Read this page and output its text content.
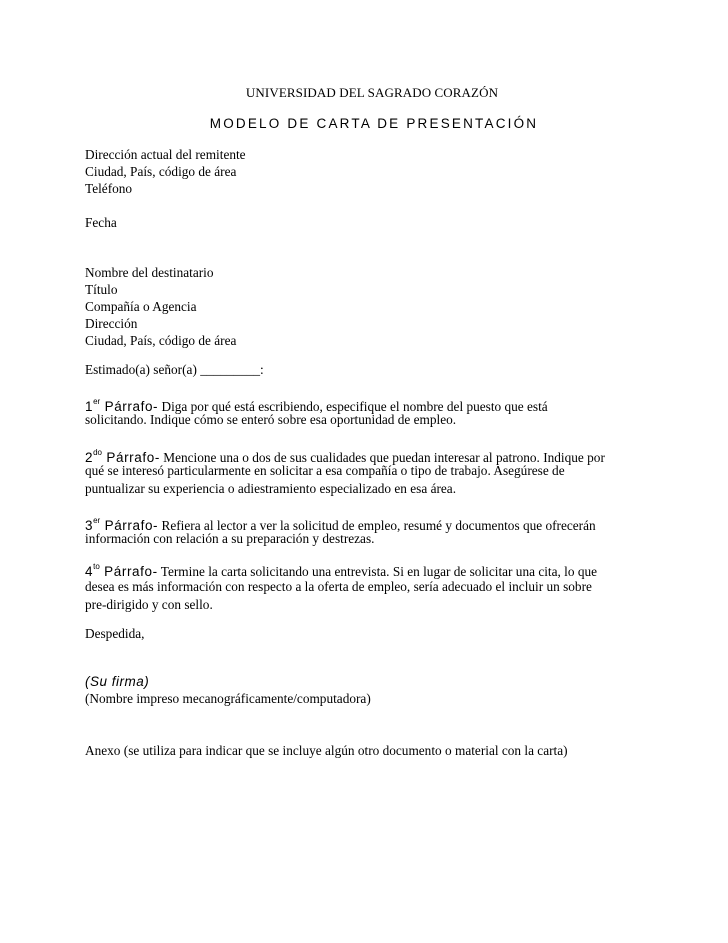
UNIVERSIDAD DEL SAGRADO CORAZÓN
MODELO DE CARTA DE PRESENTACIÓN
Dirección actual del remitente
Ciudad, País, código de área
Teléfono
Fecha
Nombre del destinatario
Título
Compañía o Agencia
Dirección
Ciudad, País, código de área
Estimado(a) señor(a) _________:
1er Párrafo- Diga por qué está escribiendo, especifique el nombre del puesto que está
solicitando. Indique cómo se enteró sobre esa oportunidad de empleo.
$2^{do}$ Párrafo- Mencione una o dos de sus cualidades que puedan interesar al patrono. Indique por
qué se interesó particularmente en solicitar a esa compañía o tipo de trabajo. Asegúrese de
puntualizar su experiencia o adiestramiento especializado en esa área.
3er Párrafo- Refiera al lector a ver la solicitud de empleo, resumé y documentos que ofrecerán
información con relación a su preparación y destrezas.
$4^{to}$ Párrafo- Termine la carta solicitando una entrevista. Si en lugar de solicitar una cita, lo que
desea es más información con respecto a la oferta de empleo, sería adecuado el incluir un sobre
pre-dirigido y con sello.
Despedida,
(Su firma)
(Nombre impreso mecanográficamente/computadora)
Anexo (se utiliza para indicar que se incluye algún otro documento o material con la carta)
